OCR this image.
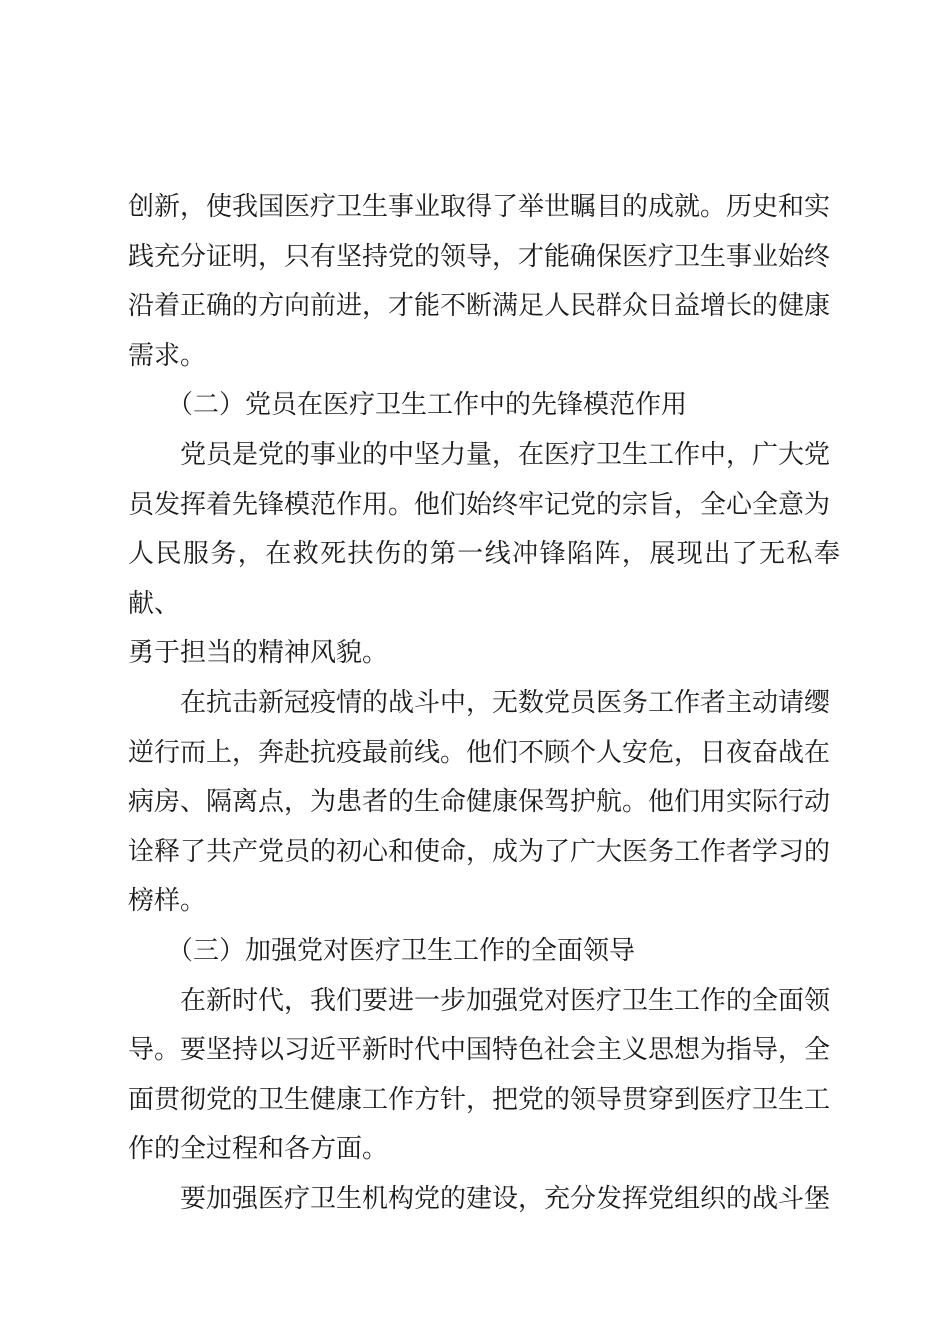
创新，使我国医疗卫生事业取得了举世瞩目的成就。历史和实
践充分证明，只有坚持党的领导，才能确保医疗卫生事业始终
沿着正确的方向前进，才能不断满足人民群众日益增长的健康
需求。

　　（二）党员在医疗卫生工作中的先锋模范作用

　　党员是党的事业的中坚力量，在医疗卫生工作中，广大党
员发挥着先锋模范作用。他们始终牢记党的宗旨，全心全意为
人民服务，在救死扶伤的第一线冲锋陷阵，展现出了无私奉献、
勇于担当的精神风貌。

　　在抗击新冠疫情的战斗中，无数党员医务工作者主动请缨
逆行而上，奔赴抗疫最前线。他们不顾个人安危，日夜奋战在
病房、隔离点，为患者的生命健康保驾护航。他们用实际行动
诠释了共产党员的初心和使命，成为了广大医务工作者学习的
榜样。

　　（三）加强党对医疗卫生工作的全面领导

　　在新时代，我们要进一步加强党对医疗卫生工作的全面领
导。要坚持以习近平新时代中国特色社会主义思想为指导，全
面贯彻党的卫生健康工作方针，把党的领导贯穿到医疗卫生工
作的全过程和各方面。

　　要加强医疗卫生机构党的建设，充分发挥党组织的战斗堡
